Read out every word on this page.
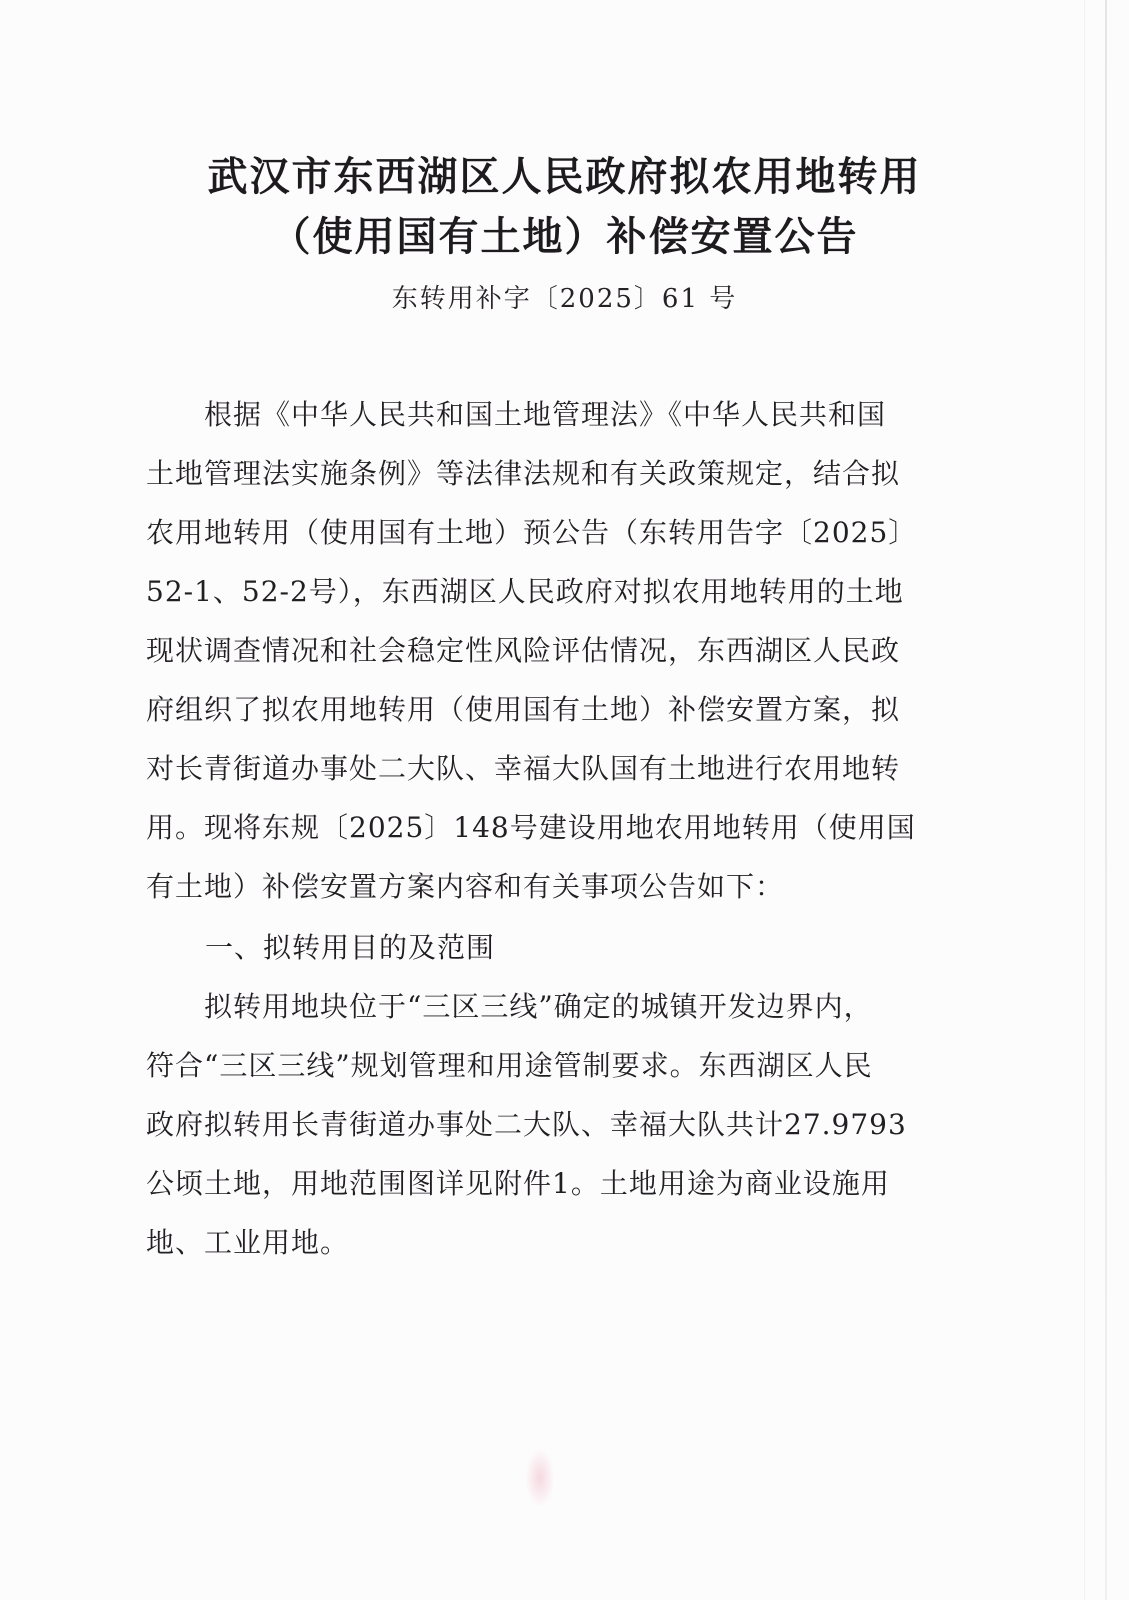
武汉市东西湖区人民政府拟农用地转用
（使用国有土地）补偿安置公告
东转用补字〔2025〕61 号
根据《中华人民共和国土地管理法》《中华人民共和国
土地管理法实施条例》等法律法规和有关政策规定，结合拟
农用地转用（使用国有土地）预公告（东转用告字〔2025〕
52-1、52-2号），东西湖区人民政府对拟农用地转用的土地
现状调查情况和社会稳定性风险评估情况，东西湖区人民政
府组织了拟农用地转用（使用国有土地）补偿安置方案，拟
对长青街道办事处二大队、幸福大队国有土地进行农用地转
用。现将东规〔2025〕148号建设用地农用地转用（使用国
有土地）补偿安置方案内容和有关事项公告如下：
一、拟转用目的及范围
拟转用地块位于“三区三线”确定的城镇开发边界内，
符合“三区三线”规划管理和用途管制要求。东西湖区人民
政府拟转用长青街道办事处二大队、幸福大队共计27.9793
公顷土地，用地范围图详见附件1。土地用途为商业设施用
地、工业用地。
